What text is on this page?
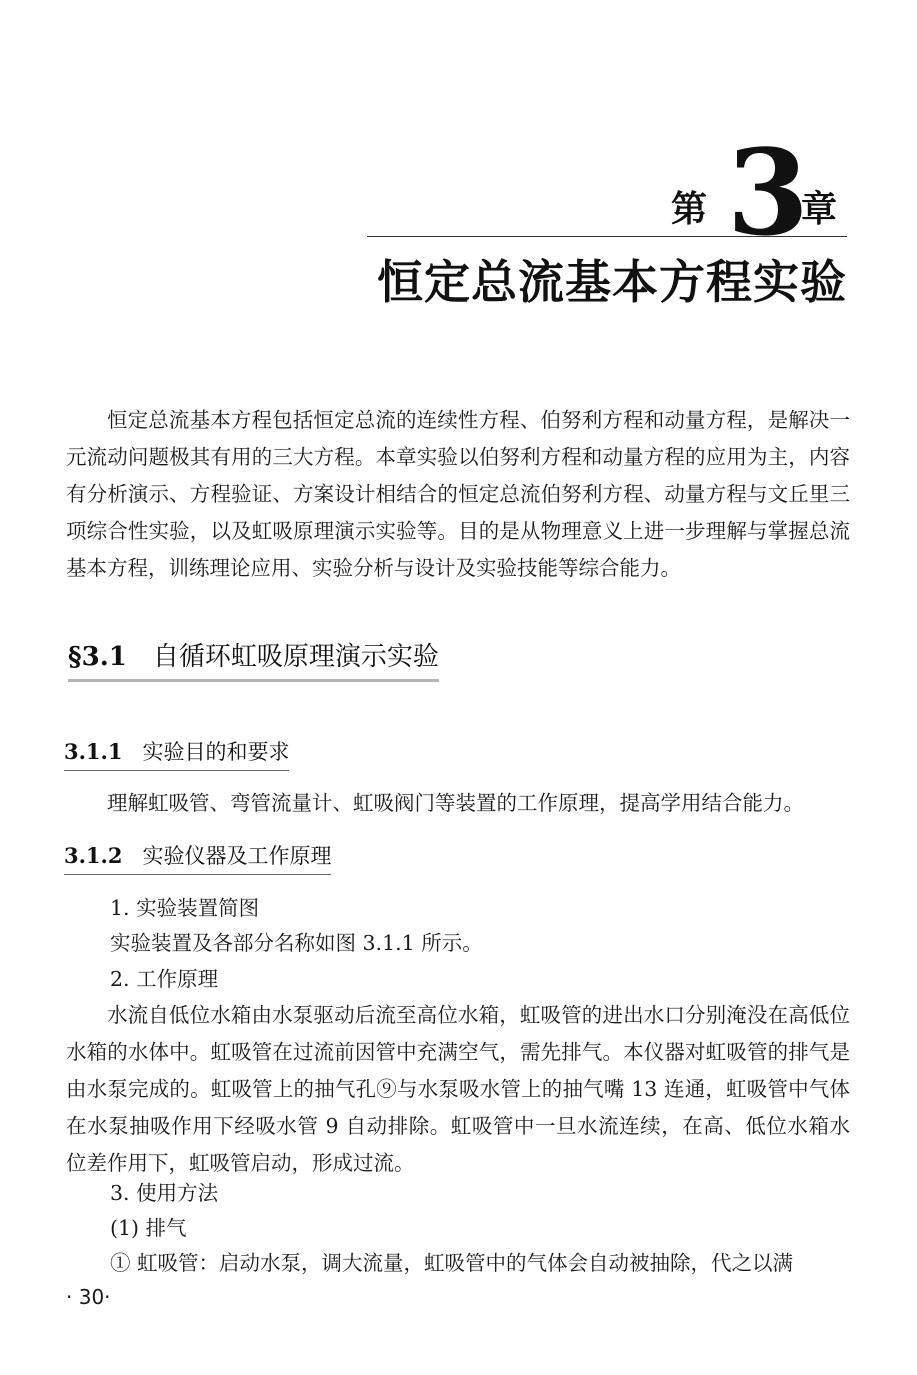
第 3
章
恒定总流基本方程实验

恒定总流基本方程包括恒定总流的连续性方程、伯努利方程和动量方程，是解决一元流动问题极其有用的三大方程。本章实验以伯努利方程和动量方程的应用为主，内容有分析演示、方程验证、方案设计相结合的恒定总流伯努利方程、动量方程与文丘里三项综合性实验，以及虹吸原理演示实验等。目的是从物理意义上进一步理解与掌握总流基本方程，训练理论应用、实验分析与设计及实验技能等综合能力。

§3.1 自循环虹吸原理演示实验
3.1.1 实验目的和要求

理解虹吸管、弯管流量计、虹吸阀门等装置的工作原理，提高学用结合能力。

3.1.2 实验仪器及工作原理
1. 实验装置简图
实验装置及各部分名称如图 3.1.1 所示。
2. 工作原理

水流自低位水箱由水泵驱动后流至高位水箱，虹吸管的进出水口分别淹没在高低位水箱的水体中。虹吸管在过流前因管中充满空气，需先排气。本仪器对虹吸管的排气是由水泵完成的。虹吸管上的抽气孔⑨与水泵吸水管上的抽气嘴 13 连通，虹吸管中气体在水泵抽吸作用下经吸水管 9 自动排除。虹吸管中一旦水流连续，在高、低位水箱水位差作用下，虹吸管启动，形成过流。

3. 使用方法
(1) 排气
① 虹吸管：启动水泵，调大流量，虹吸管中的气体会自动被抽除，代之以满
· 30·
